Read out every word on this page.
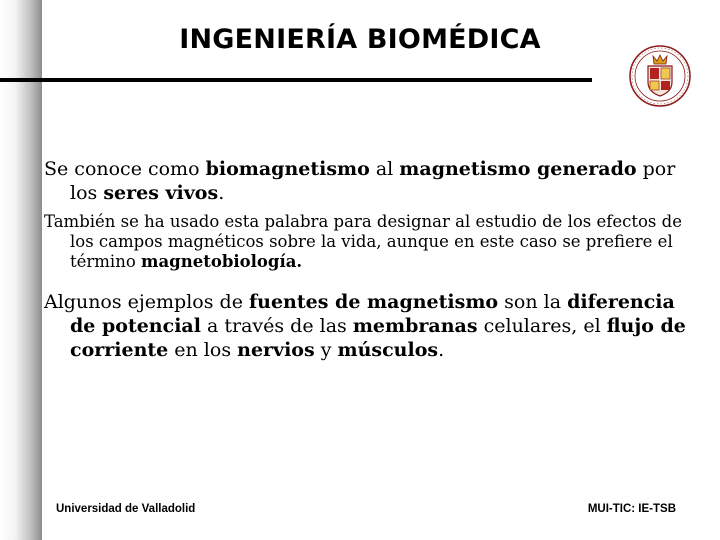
INGENIERÍA BIOMÉDICA

Se conoce como biomagnetismo al magnetismo generado por los seres vivos.

También se ha usado esta palabra para designar al estudio de los efectos de los campos magnéticos sobre la vida, aunque en este caso se prefiere el término magnetobiología.

Algunos ejemplos de fuentes de magnetismo son la diferencia de potencial a través de las membranas celulares, el flujo de corriente en los nervios y músculos.

Universidad de Valladolid	MUI-TIC: IE-TSB
